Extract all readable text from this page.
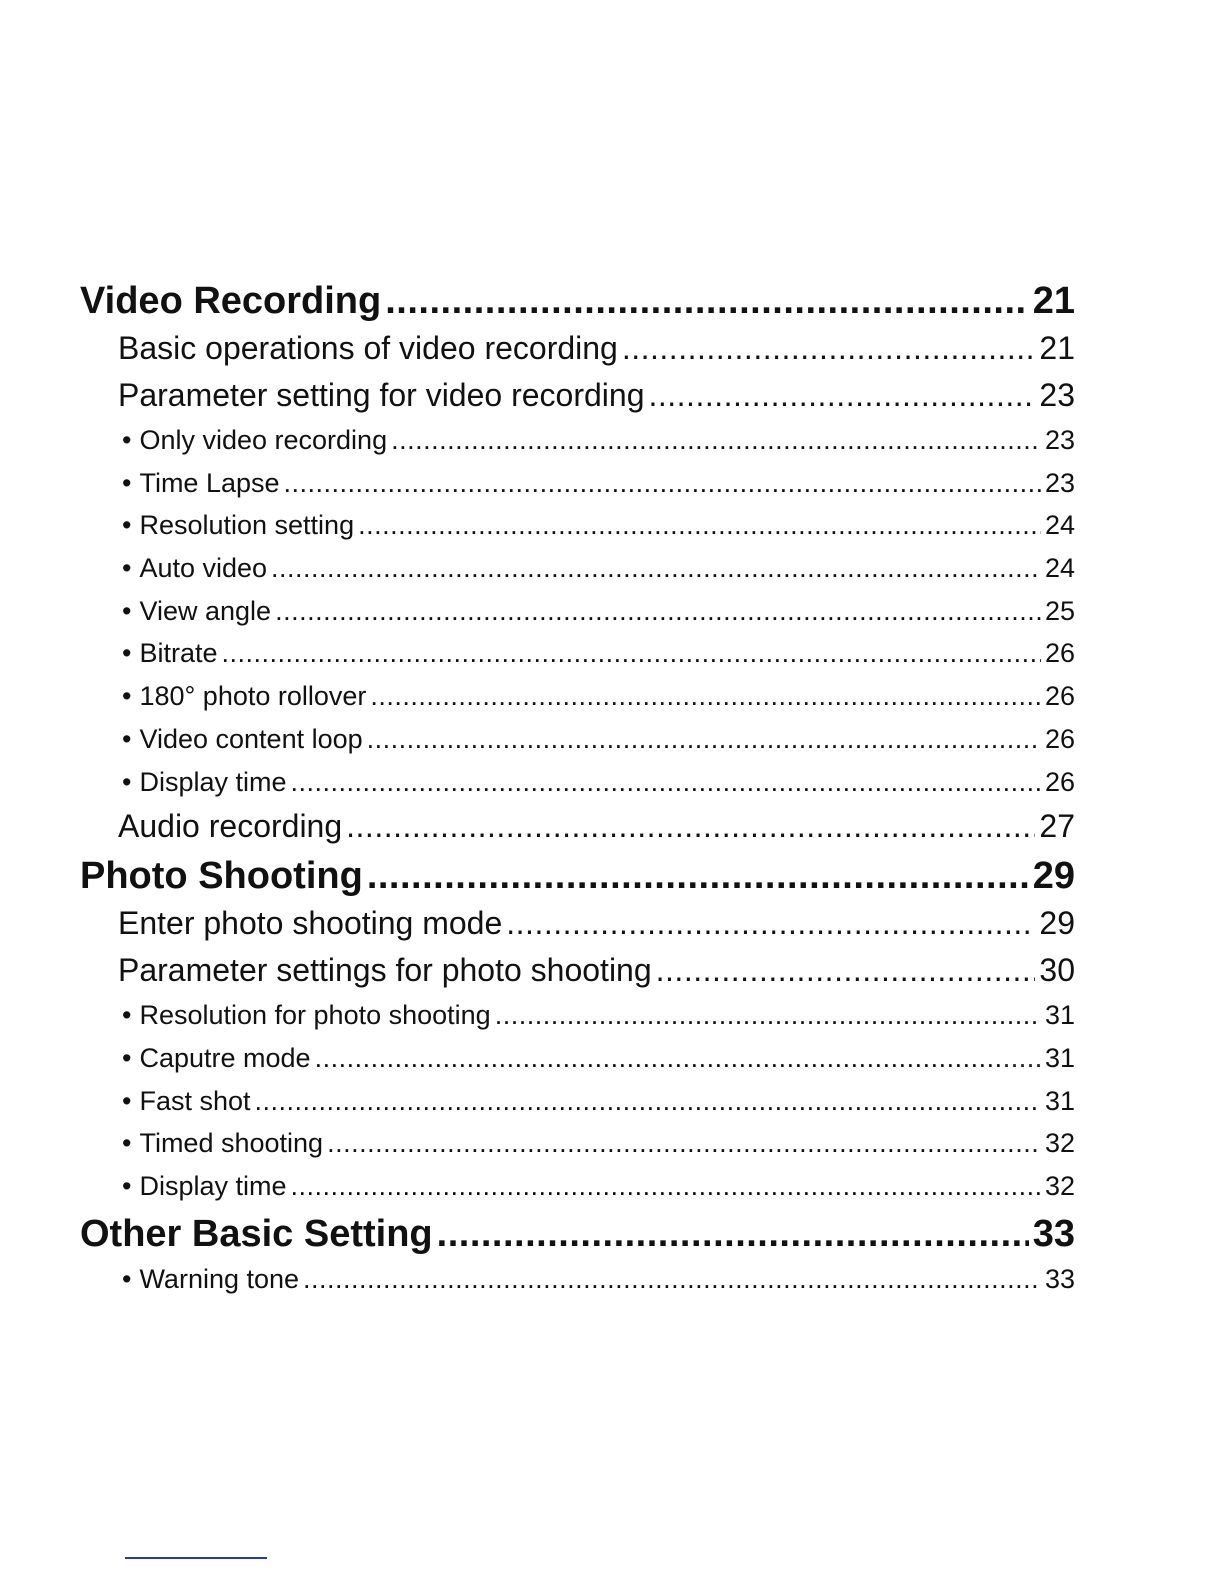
Video Recording .....	21
Basic operations of video recording .....	21
Parameter setting for video recording .....	23
• Only video recording .....	23
• Time Lapse .....	23
• Resolution setting .....	24
• Auto video .....	24
• View angle .....	25
• Bitrate .....	26
• 180° photo rollover .....	26
• Video content loop .....	26
• Display time .....	26
Audio recording .....	27
Photo Shooting .....	29
Enter photo shooting mode .....	29
Parameter settings for photo shooting .....	30
• Resolution for photo shooting .....	31
• Caputre mode .....	31
• Fast shot .....	31
• Timed shooting .....	32
• Display time .....	32
Other Basic Setting .....	33
• Warning tone .....	33
